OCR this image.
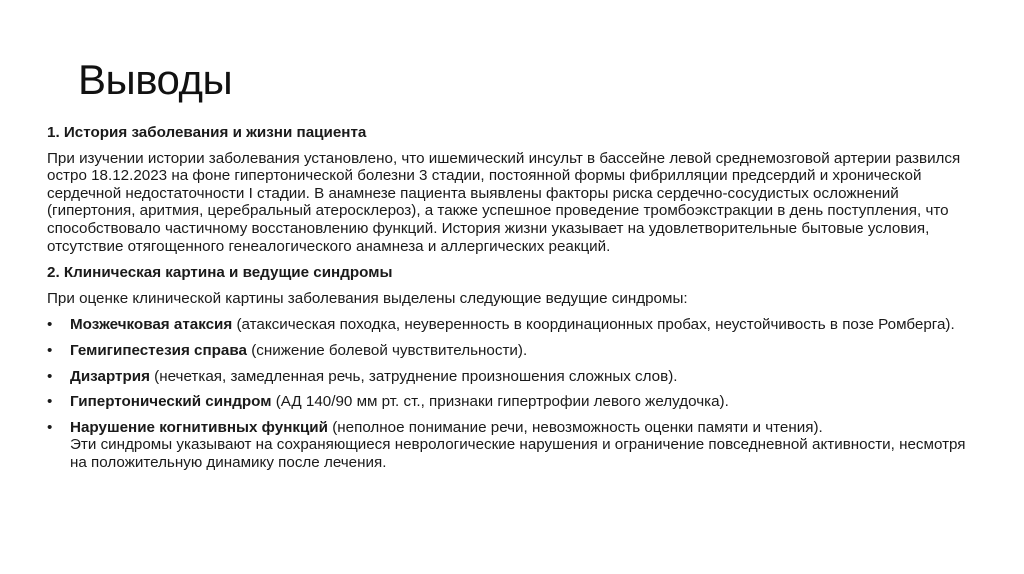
Выводы

1. История заболевания и жизни пациента

При изучении истории заболевания установлено, что ишемический инсульт в бассейне левой среднемозговой артерии развился остро 18.12.2023 на фоне гипертонической болезни 3 стадии, постоянной формы фибрилляции предсердий и хронической сердечной недостаточности I стадии. В анамнезе пациента выявлены факторы риска сердечно-сосудистых осложнений (гипертония, аритмия, церебральный атеросклероз), а также успешное проведение тромбоэкстракции в день поступления, что способствовало частичному восстановлению функций. История жизни указывает на удовлетворительные бытовые условия, отсутствие отягощенного генеалогического анамнеза и аллергических реакций.

2. Клиническая картина и ведущие синдромы

При оценке клинической картины заболевания выделены следующие ведущие синдромы:

• Мозжечковая атаксия (атаксическая походка, неуверенность в координационных пробах, неустойчивость в позе Ромберга).
• Гемигипестезия справа (снижение болевой чувствительности).
• Дизартрия (нечеткая, замедленная речь, затруднение произношения сложных слов).
• Гипертонический синдром (АД 140/90 мм рт. ст., признаки гипертрофии левого желудочка).
• Нарушение когнитивных функций (неполное понимание речи, невозможность оценки памяти и чтения).
Эти синдромы указывают на сохраняющиеся неврологические нарушения и ограничение повседневной активности, несмотря на положительную динамику после лечения.
